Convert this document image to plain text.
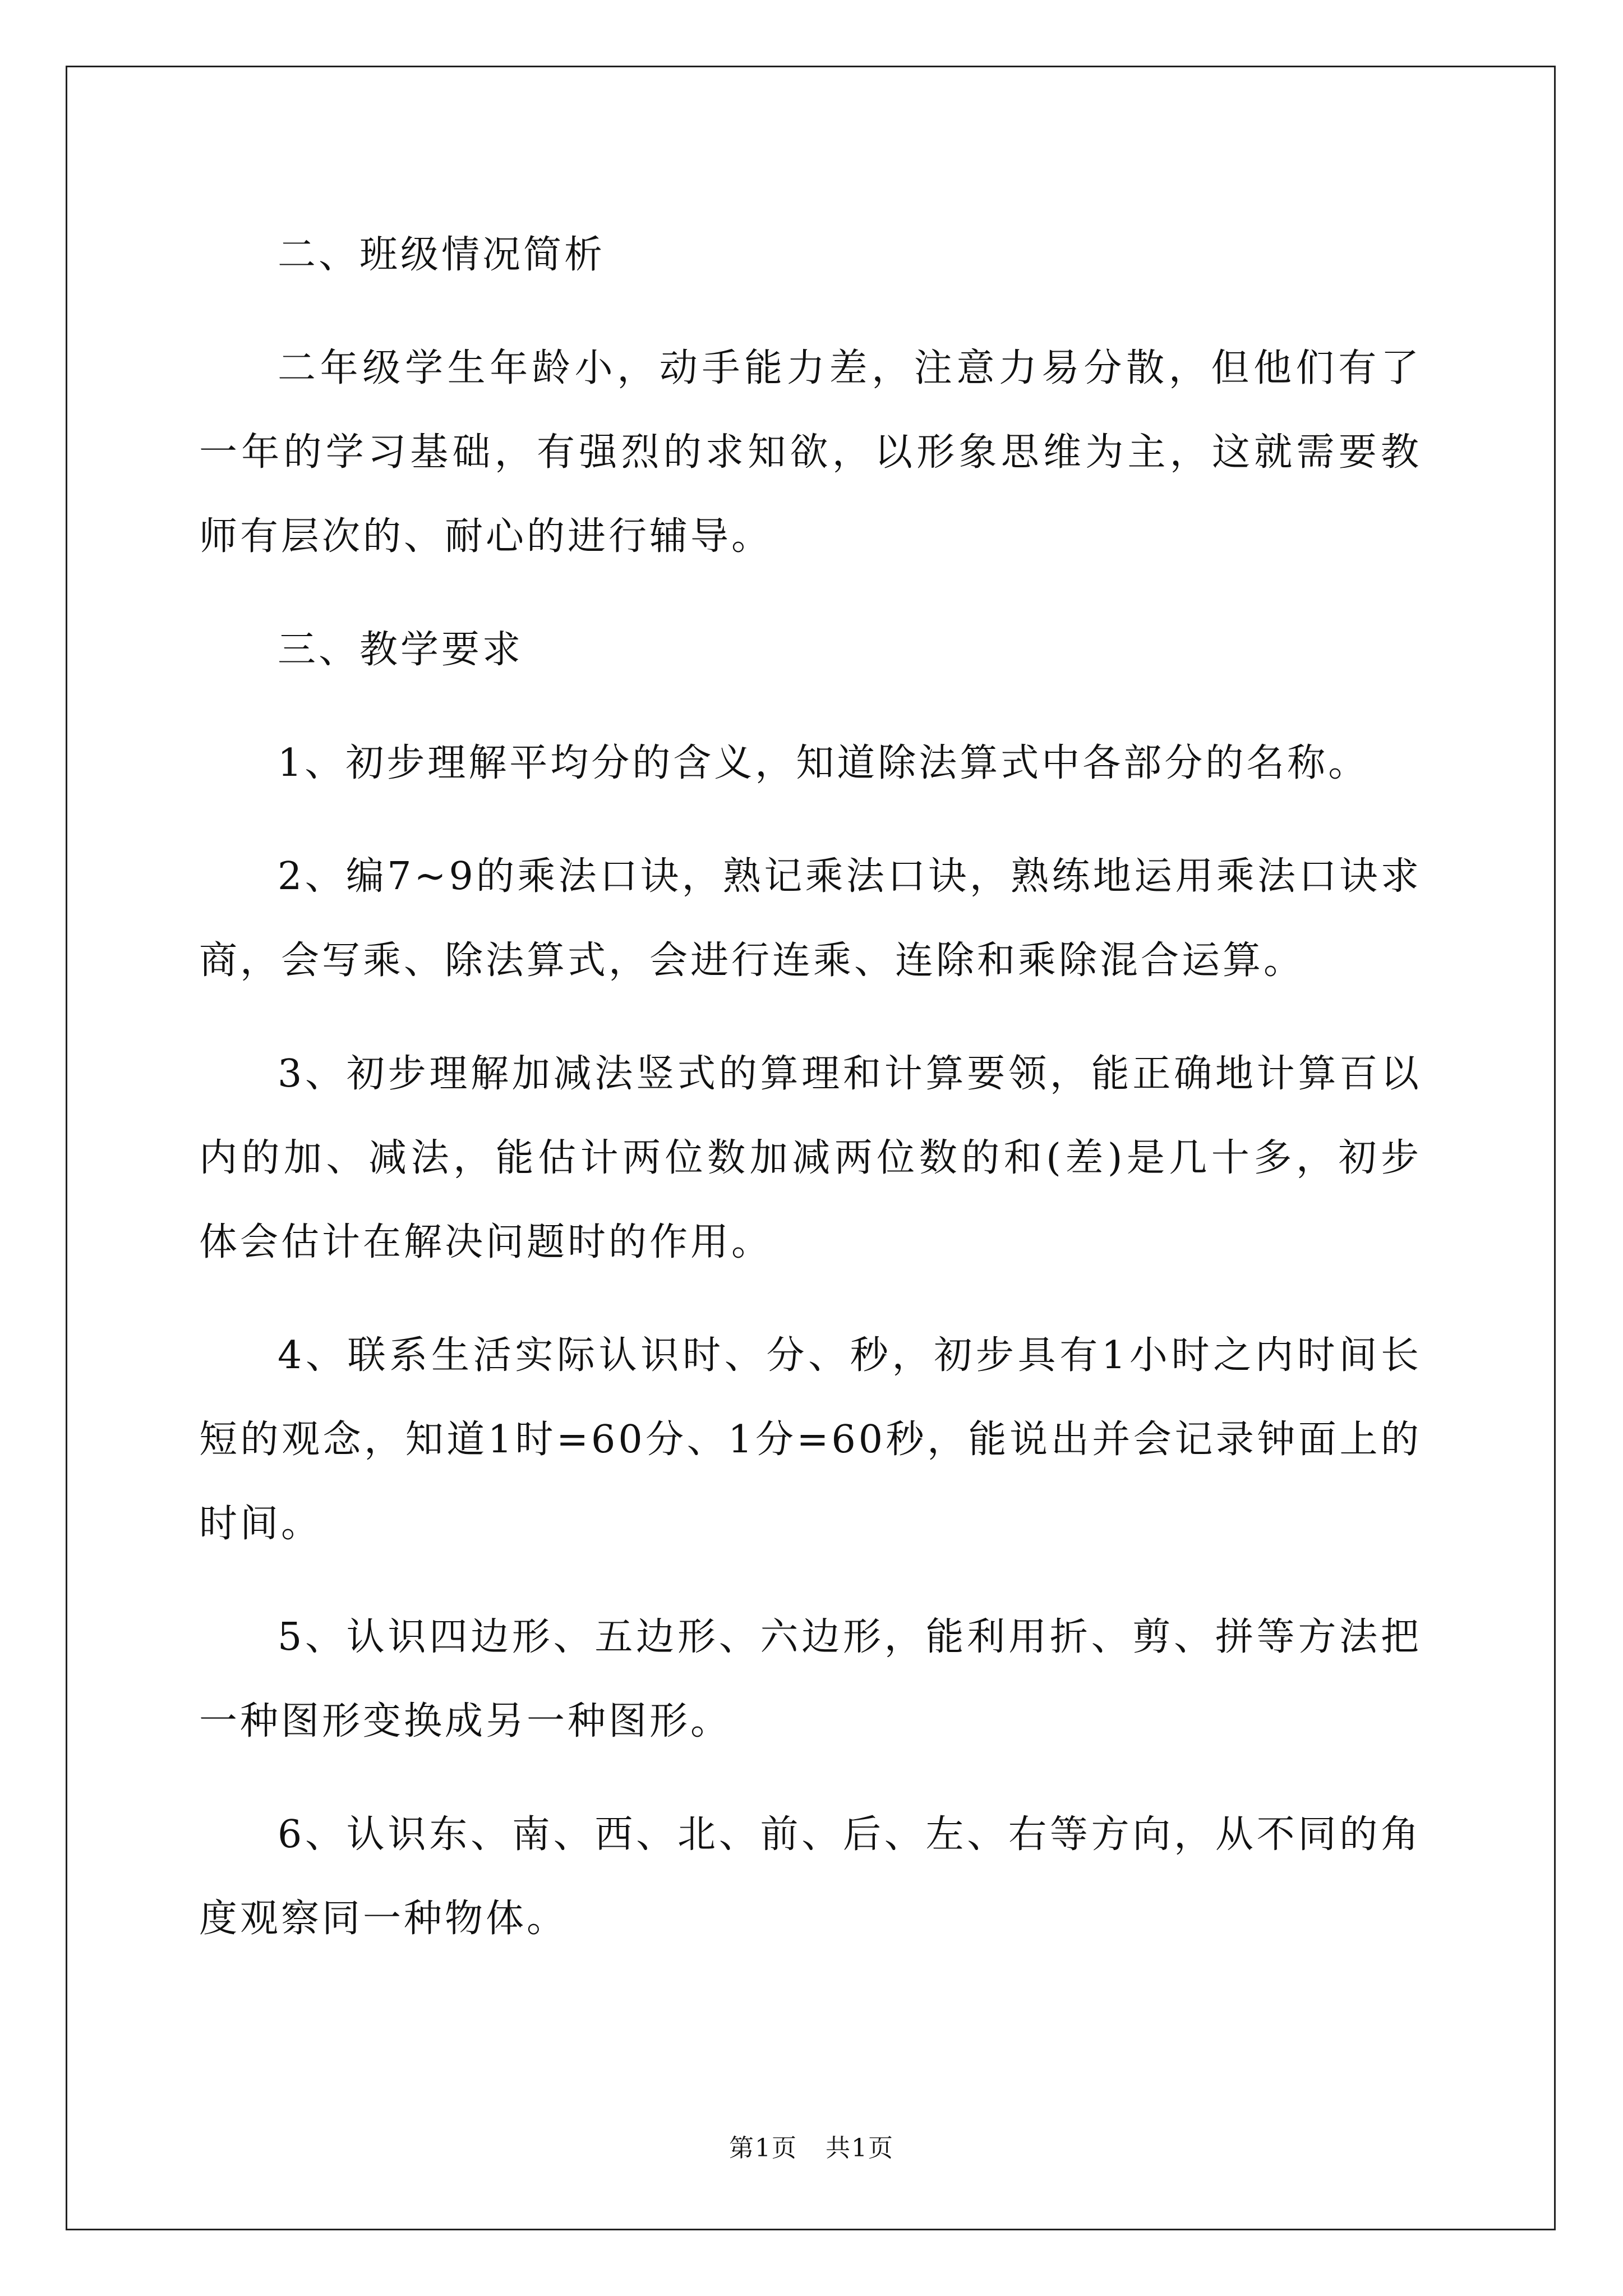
二、班级情况简析

二年级学生年龄小，动手能力差，注意力易分散，但他们有了一年的学习基础，有强烈的求知欲，以形象思维为主，这就需要教师有层次的、耐心的进行辅导。

三、教学要求

1、初步理解平均分的含义，知道除法算式中各部分的名称。

2、编7~9的乘法口诀，熟记乘法口诀，熟练地运用乘法口诀求商，会写乘、除法算式，会进行连乘、连除和乘除混合运算。

3、初步理解加减法竖式的算理和计算要领，能正确地计算百以内的加、减法，能估计两位数加减两位数的和(差)是几十多，初步体会估计在解决问题时的作用。

4、联系生活实际认识时、分、秒，初步具有1小时之内时间长短的观念，知道1时=60分、1分=60秒，能说出并会记录钟面上的时间。

5、认识四边形、五边形、六边形，能利用折、剪、拼等方法把一种图形变换成另一种图形。

6、认识东、南、西、北、前、后、左、右等方向，从不同的角度观察同一种物体。

第1页 共1页
